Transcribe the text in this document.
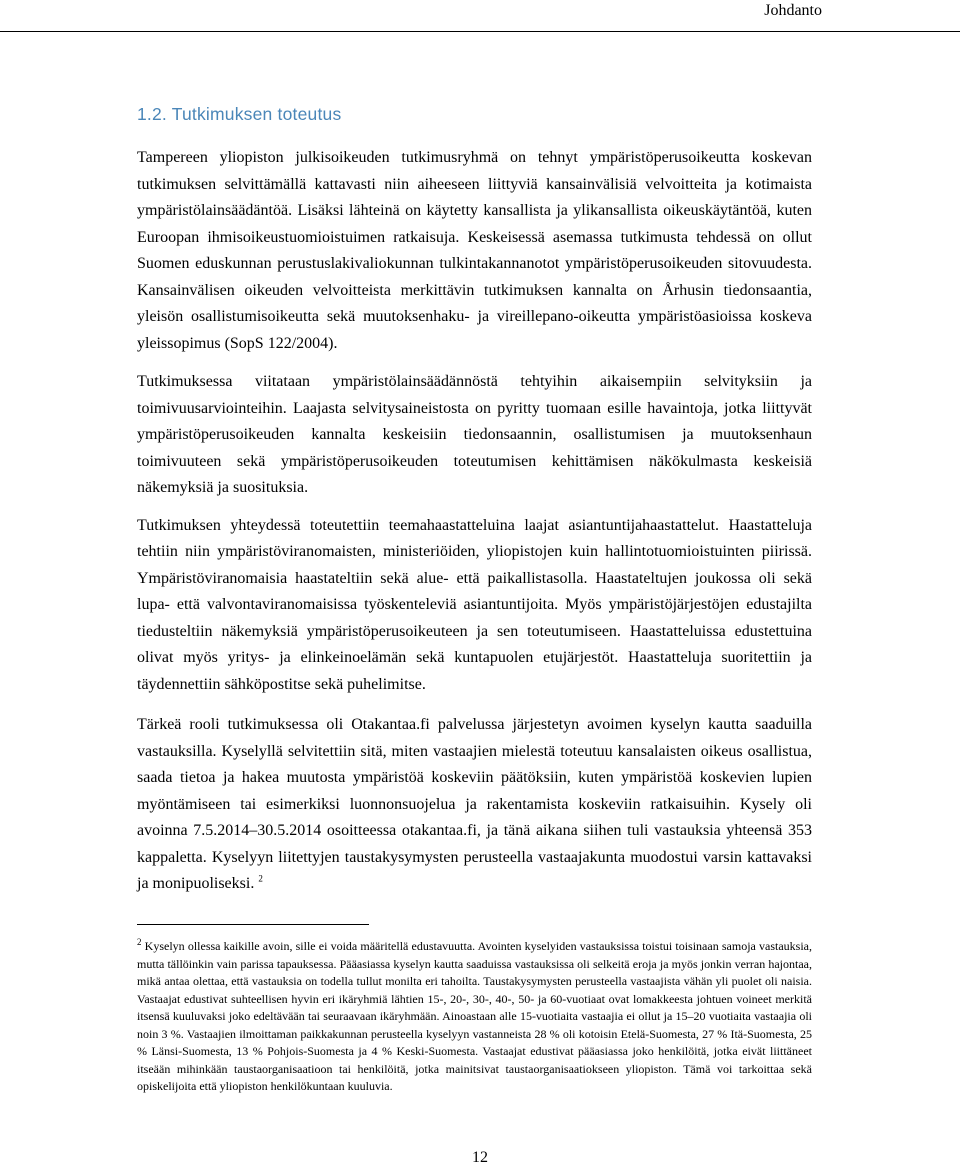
Johdanto
1.2. Tutkimuksen toteutus

Tampereen yliopiston julkisoikeuden tutkimusryhmä on tehnyt ympäristöperusoikeutta koskevan tutkimuksen selvittämällä kattavasti niin aiheeseen liittyviä kansainvälisiä velvoitteita ja kotimaista ympäristölainsäädäntöä. Lisäksi lähteinä on käytetty kansallista ja ylikansallista oikeuskäytäntöä, kuten Euroopan ihmisoikeustuomioistuimen ratkaisuja. Keskeisessä asemassa tutkimusta tehdessä on ollut Suomen eduskunnan perustuslakivaliokunnan tulkintakannanotot ympäristöperusoikeuden sitovuudesta. Kansainvälisen oikeuden velvoitteista merkittävin tutkimuksen kannalta on Århusin tiedonsaantia, yleisön osallistumisoikeutta sekä muutoksenhaku- ja vireillepano-oikeutta ympäristöasioissa koskeva yleissopimus (SopS 122/2004).

Tutkimuksessa viitataan ympäristölainsäädännöstä tehtyihin aikaisempiin selvityksiin ja toimivuusarviointeihin. Laajasta selvitysaineistosta on pyritty tuomaan esille havaintoja, jotka liittyvät ympäristöperusoikeuden kannalta keskeisiin tiedonsaannin, osallistumisen ja muutoksenhaun toimivuuteen sekä ympäristöperusoikeuden toteutumisen kehittämisen näkökulmasta keskeisiä näkemyksiä ja suosituksia.

Tutkimuksen yhteydessä toteutettiin teemahaastatteluina laajat asiantuntijahaastattelut. Haastatteluja tehtiin niin ympäristöviranomaisten, ministeriöiden, yliopistojen kuin hallintotuomioistuinten piirissä. Ympäristöviranomaisia haastateltiin sekä alue- että paikallistasolla. Haastateltujen joukossa oli sekä lupa- että valvontaviranomaisissa työskenteleviä asiantuntijoita. Myös ympäristöjärjestöjen edustajilta tiedusteltiin näkemyksiä ympäristöperusoikeuteen ja sen toteutumiseen. Haastatteluissa edustettuina olivat myös yritys- ja elinkeinoelämän sekä kuntapuolen etujärjestöt. Haastatteluja suoritettiin ja täydennettiin sähköpostitse sekä puhelimitse.

Tärkeä rooli tutkimuksessa oli Otakantaa.fi palvelussa järjestetyn avoimen kyselyn kautta saaduilla vastauksilla. Kyselyllä selvitettiin sitä, miten vastaajien mielestä toteutuu kansalaisten oikeus osallistua, saada tietoa ja hakea muutosta ympäristöä koskeviin päätöksiin, kuten ympäristöä koskevien lupien myöntämiseen tai esimerkiksi luonnonsuojelua ja rakentamista koskeviin ratkaisuihin. Kysely oli avoinna 7.5.2014–30.5.2014 osoitteessa otakantaa.fi, ja tänä aikana siihen tuli vastauksia yhteensä 353 kappaletta. Kyselyyn liitettyjen taustakysymysten perusteella vastaajakunta muodostui varsin kattavaksi ja monipuoliseksi. $^2$

$^2$ Kyselyn ollessa kaikille avoin, sille ei voida määritellä edustavuutta. Avointen kyselyiden vastauksissa toistui toisinaan samoja vastauksia, mutta tällöinkin vain parissa tapauksessa. Pääasiassa kyselyn kautta saaduissa vastauksissa oli selkeitä eroja ja myös jonkin verran hajontaa, mikä antaa olettaa, että vastauksia on todella tullut monilta eri tahoilta. Taustakysymysten perusteella vastaajista vähän yli puolet oli naisia. Vastaajat edustivat suhteellisen hyvin eri ikäryhmiä lähtien 15-, 20-, 30-, 40-, 50- ja 60-vuotiaat ovat lomakkeesta johtuen voineet merkitä itsensä kuuluvaksi joko edeltävään tai seuraavaan ikäryhmään. Ainoastaan alle 15-vuotiaita vastaajia ei ollut ja 15–20 vuotiaita vastaajia oli noin 3 %. Vastaajien ilmoittaman paikkakunnan perusteella kyselyyn vastanneista 28 % oli kotoisin Etelä-Suomesta, 27 % Itä-Suomesta, 25 % Länsi-Suomesta, 13 % Pohjois-Suomesta ja 4 % Keski-Suomesta. Vastaajat edustivat pääasiassa joko henkilöitä, jotka eivät liittäneet itseään mihinkään taustaorganisaatioon tai henkilöitä, jotka mainitsivat taustaorganisaatiokseen yliopiston. Tämä voi tarkoittaa sekä opiskelijoita että yliopiston henkilökuntaan kuuluvia.

12
